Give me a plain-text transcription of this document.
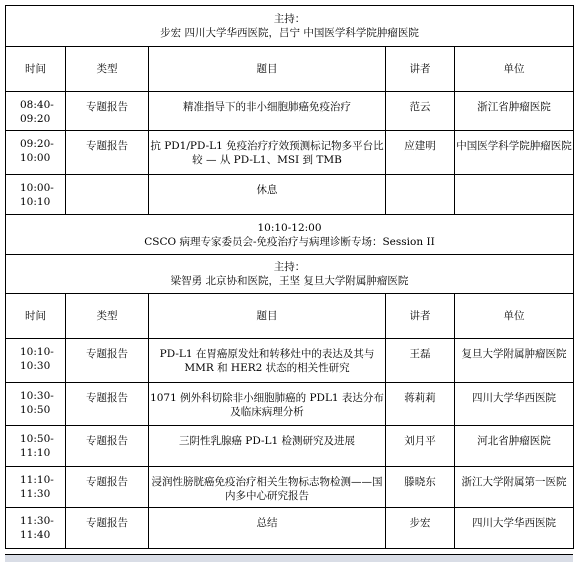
主持：
步宏 四川大学华西医院，吕宁 中国医学科学院肿瘤医院				

时间	类型	题目	讲者	单位
08:40-09:20	专题报告	精准指导下的非小细胞肺癌免疫治疗	范云	浙江省肿瘤医院
09:20-10:00	专题报告	抗 PD1/PD-L1 免疫治疗疗效预测标记物多平台比较 — 从 PD-L1、MSI 到 TMB	应建明	中国医学科学院肿瘤医院
10:00-10:10		休息		

10:10-12:00
CSCO 病理专家委员会-免疫治疗与病理诊断专场：Session II				

主持：
梁智勇 北京协和医院，王坚 复旦大学附属肿瘤医院				

时间	类型	题目	讲者	单位
10:10-10:30	专题报告	PD-L1 在胃癌原发灶和转移灶中的表达及其与 MMR 和 HER2 状态的相关性研究	王磊	复旦大学附属肿瘤医院
10:30-10:50	专题报告	1071 例外科切除非小细胞肺癌的 PDL1 表达分布及临床病理分析	蒋莉莉	四川大学华西医院
10:50-11:10	专题报告	三阴性乳腺癌 PD-L1 检测研究及进展	刘月平	河北省肿瘤医院
11:10-11:30	专题报告	浸润性膀胱癌免疫治疗相关生物标志物检测——国内多中心研究报告	滕晓东	浙江大学附属第一医院
11:30-11:40	专题报告	总结	步宏	四川大学华西医院
